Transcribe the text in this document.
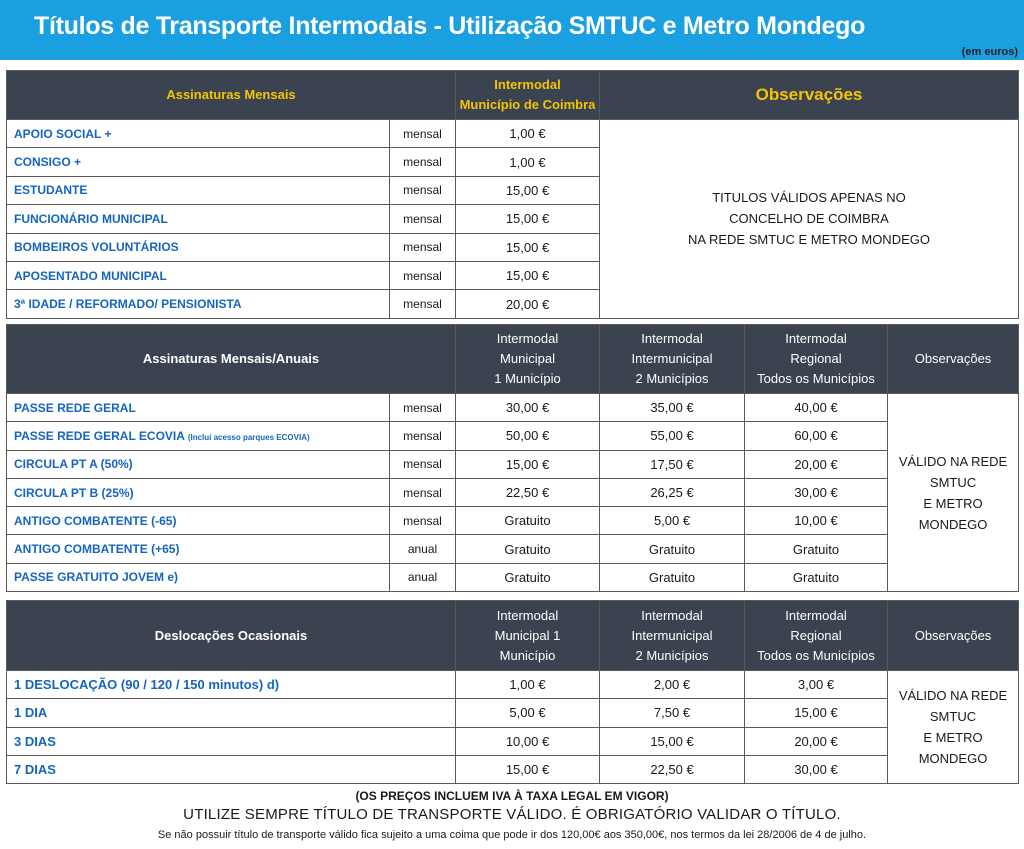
Títulos de Transporte Intermodais - Utilização SMTUC e Metro Mondego
(em euros)
Assinaturas Mensais		Intermodal
Município de Coimbra	Observações
APOIO SOCIAL +	mensal	1,00 €	TITULOS VÁLIDOS APENAS NO
CONCELHO DE COIMBRA
NA REDE SMTUC E METRO MONDEGO

CONSIGO +	mensal	1,00 €	
ESTUDANTE	mensal	15,00 €	
FUNCIONÁRIO MUNICIPAL	mensal	15,00 €	
BOMBEIROS VOLUNTÁRIOS	mensal	15,00 €	
APOSENTADO MUNICIPAL	mensal	15,00 €	
3ª IDADE / REFORMADO/ PENSIONISTA	mensal	20,00 €	
Assinaturas Mensais/Anuais		Intermodal
Municipal
1 Município	Intermodal
Intermunicipal
2 Municípios	Intermodal
Regional
Todos os Municípios	Observações
PASSE REDE GERAL	mensal	30,00 €	35,00 €	40,00 €	VÁLIDO NA REDE
SMTUC
E METRO
MONDEGO

PASSE REDE GERAL ECOVIA (Incluí acesso parques ECOVIA)	mensal	50,00 €	55,00 €	60,00 €	
CIRCULA PT A (50%)	mensal	15,00 €	17,50 €	20,00 €	
CIRCULA PT B (25%)	mensal	22,50 €	26,25 €	30,00 €	
ANTIGO COMBATENTE (-65)	mensal	Gratuito	5,00 €	10,00 €	
ANTIGO COMBATENTE (+65)	anual	Gratuito	Gratuito	Gratuito	
PASSE GRATUITO JOVEM e)	anual	Gratuito	Gratuito	Gratuito	
Deslocações Ocasionais	Intermodal
Municipal 1
Município	Intermodal
Intermunicipal
2 Municípios	Intermodal
Regional
Todos os Municípios	Observações
1 DESLOCAÇÃO (90 / 120 / 150 minutos) d)	1,00 €	2,00 €	3,00 €	VÁLIDO NA REDE
SMTUC
E METRO
MONDEGO

1 DIA	5,00 €	7,50 €	15,00 €	
3 DIAS	10,00 €	15,00 €	20,00 €	
7 DIAS	15,00 €	22,50 €	30,00 €	
(OS PREÇOS INCLUEM IVA À TAXA LEGAL EM VIGOR)
UTILIZE SEMPRE TÍTULO DE TRANSPORTE VÁLIDO. É OBRIGATÓRIO VALIDAR O TÍTULO.
Se não possuir título de transporte válido fica sujeito a uma coima que pode ir dos 120,00€ aos 350,00€, nos termos da lei 28/2006 de 4 de julho.
